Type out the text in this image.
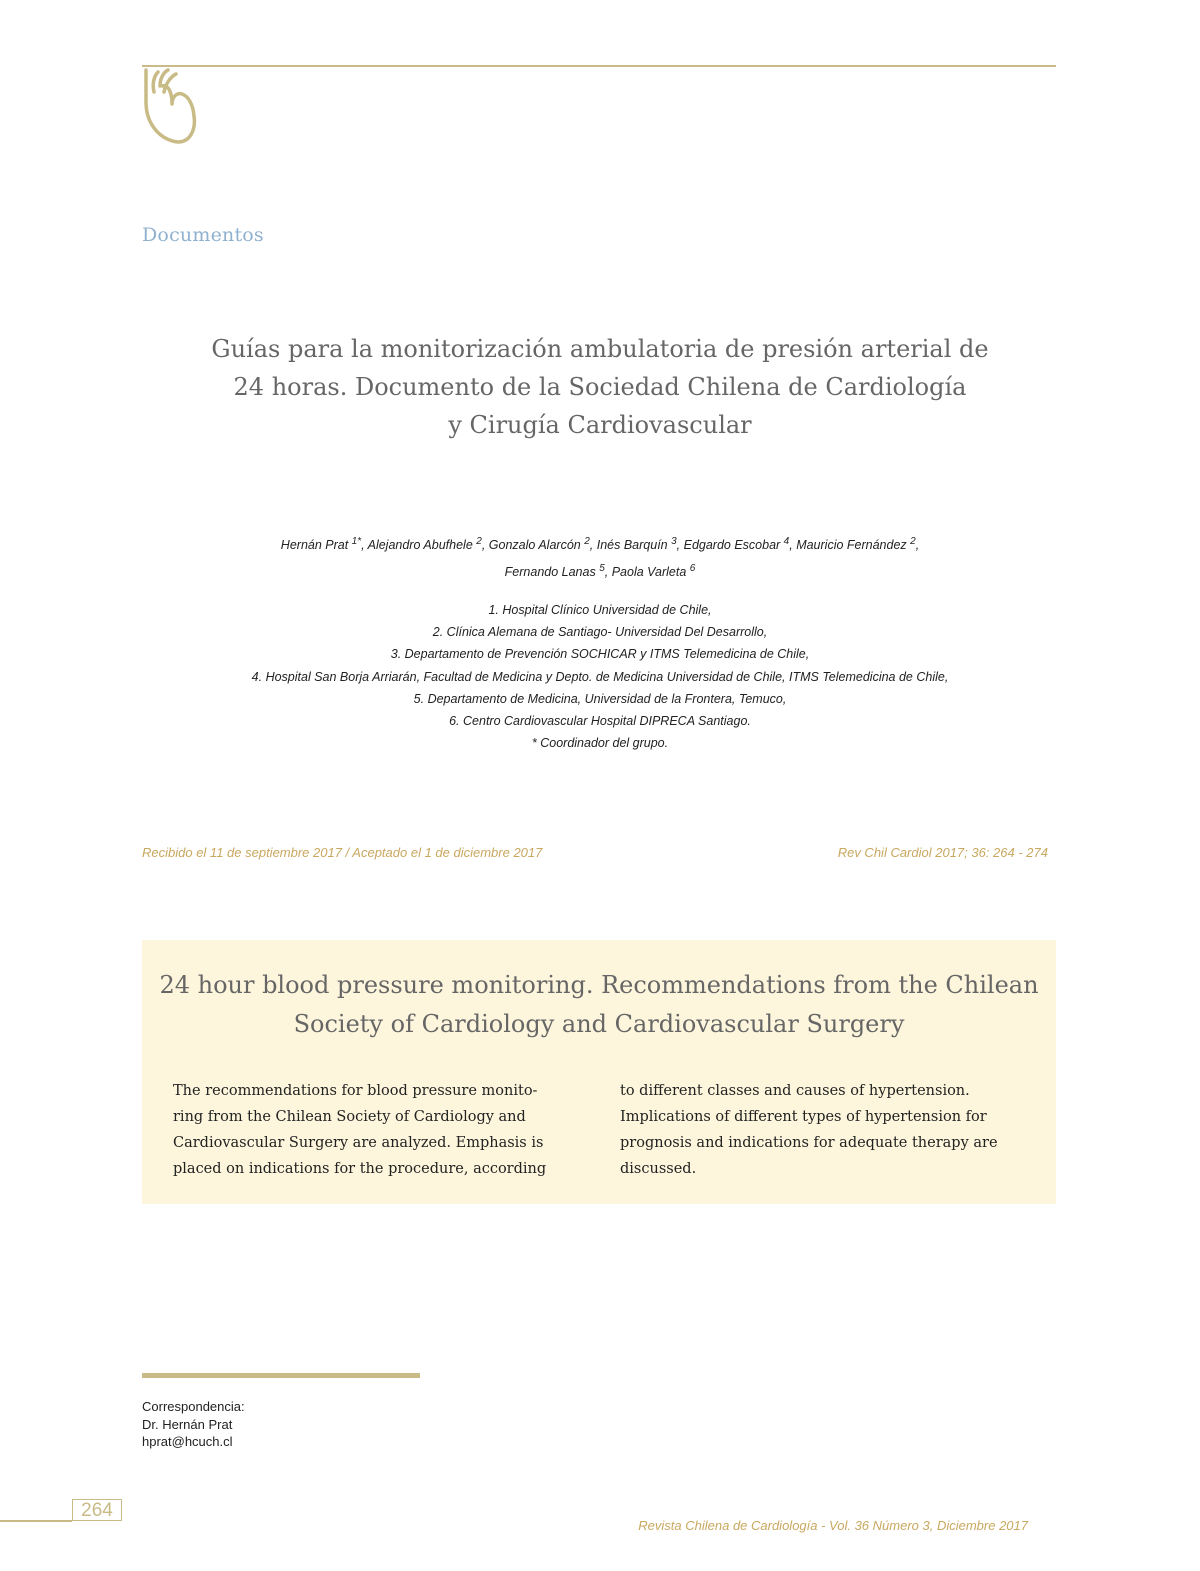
Documentos
Guías para la monitorización ambulatoria de presión arterial de
24 horas. Documento de la Sociedad Chilena de Cardiología
y Cirugía Cardiovascular
Hernán Prat $^{1*}$, Alejandro Abufhele $^2$, Gonzalo Alarcón $^2$, Inés Barquín $^3$, Edgardo Escobar $^4$, Mauricio Fernández $^2$,
Fernando Lanas $^5$, Paola Varleta $^6$
1. Hospital Clínico Universidad de Chile,
2. Clínica Alemana de Santiago- Universidad Del Desarrollo,
3. Departamento de Prevención SOCHICAR y ITMS Telemedicina de Chile,
4. Hospital San Borja Arriarán, Facultad de Medicina y Depto. de Medicina Universidad de Chile, ITMS Telemedicina de Chile,
5. Departamento de Medicina, Universidad de la Frontera, Temuco,
6. Centro Cardiovascular Hospital DIPRECA Santiago.
* Coordinador del grupo.
Recibido el 11 de septiembre 2017 / Aceptado el 1 de diciembre 2017	Rev Chil Cardiol 2017; 36: 264 - 274
24 hour blood pressure monitoring. Recommendations from the Chilean
Society of Cardiology and Cardiovascular Surgery
The recommendations for blood pressure monito-
ring from the Chilean Society of Cardiology and
Cardiovascular Surgery are analyzed. Emphasis is
placed on indications for the procedure, according
to different classes and causes of hypertension.
Implications of different types of hypertension for
prognosis and indications for adequate therapy are
discussed.
Correspondencia:
Dr. Hernán Prat
hprat@hcuch.cl
264
Revista Chilena de Cardiología - Vol. 36 Número 3, Diciembre 2017
